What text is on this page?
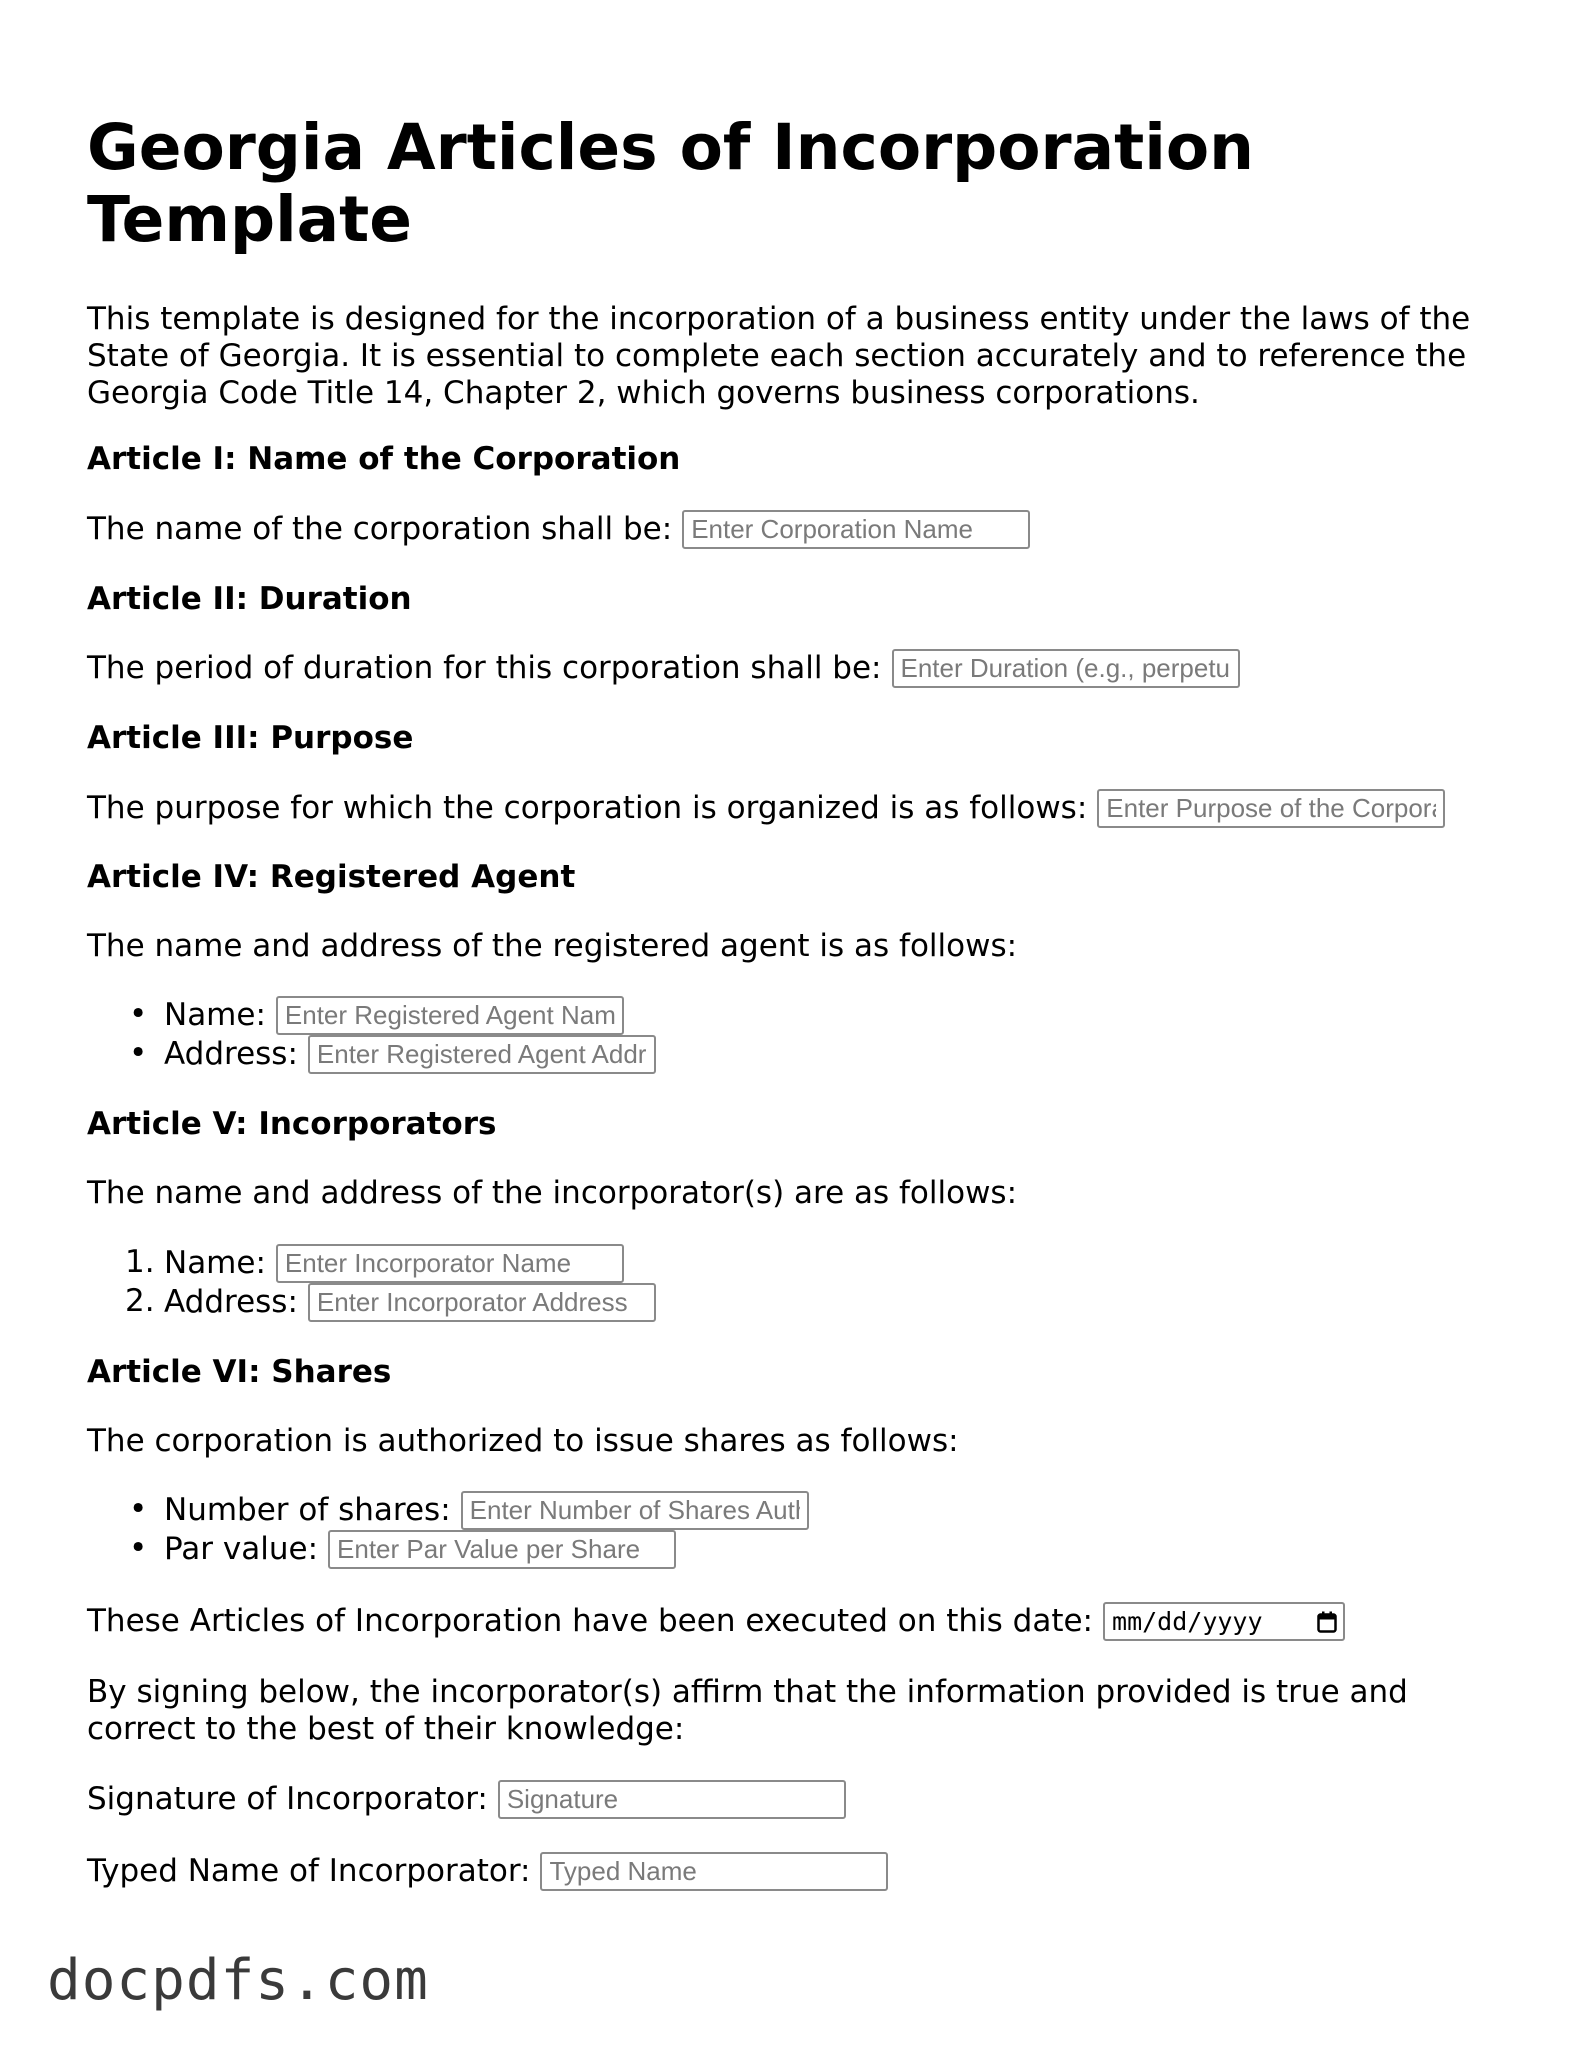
Georgia Articles of Incorporation Template

This template is designed for the incorporation of a business entity under the laws of the State of Georgia. It is essential to complete each section accurately and to reference the Georgia Code Title 14, Chapter 2, which governs business corporations.

Article I: Name of the Corporation

The name of the corporation shall be:
Enter Corporation Name

Article II: Duration

The period of duration for this corporation shall be:
Enter Duration (e.g., perpetual)

Article III: Purpose

The purpose for which the corporation is organized is as follows:
Enter Purpose of the Corporation

Article IV: Registered Agent

The name and address of the registered agent is as follows:

• Name:
Enter Registered Agent Name
• Address:
Enter Registered Agent Address

Article V: Incorporators

The name and address of the incorporator(s) are as follows:

1. Name:
Enter Incorporator Name
2. Address:
Enter Incorporator Address

Article VI: Shares

The corporation is authorized to issue shares as follows:

• Number of shares:
Enter Number of Shares Authorized
• Par value:
Enter Par Value per Share
These Articles of Incorporation have been executed on this date: mm/dd/yyyy

By signing below, the incorporator(s) affirm that the information provided is true and correct to the best of their knowledge:

Signature of Incorporator:
Signature
Typed Name of Incorporator:
Typed Name

docpdfs.com
